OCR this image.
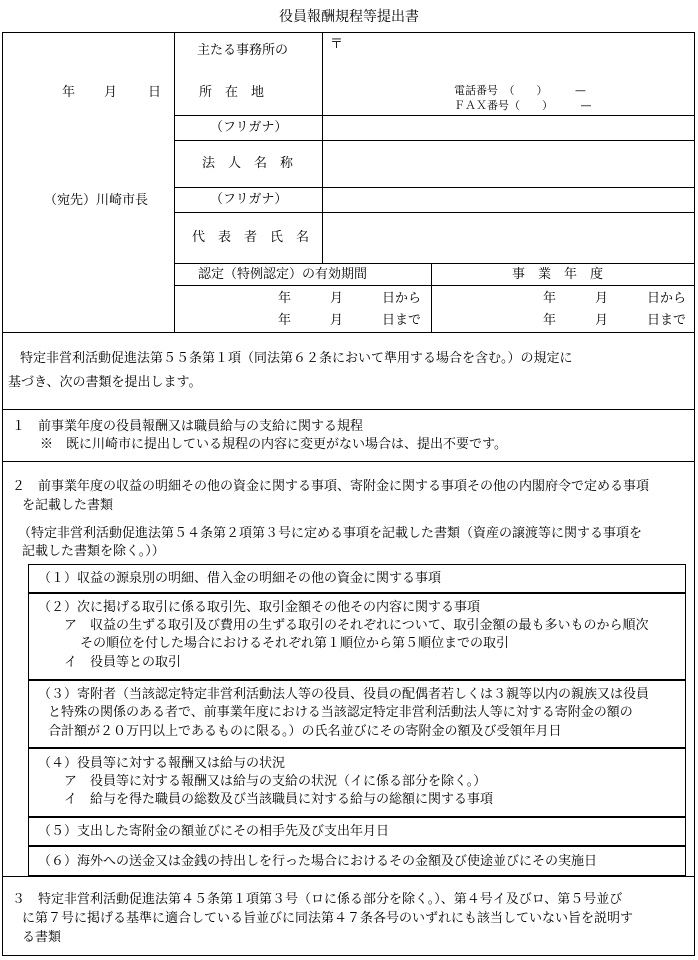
役員報酬規程等提出書
年 月 日
（宛先）川崎市長
主たる事務所の
所　在　地
〒
電話番号　（　　）　　　—
ＦＡＸ番号（　　）　　　—
（フリガナ）
法　人　名　称
（フリガナ）
代　表　者　氏　名
認定（特例認定）の有効期間	事　業　年　度
年　　　月　　　日から
年　　　月　　　日まで
年　　　月　　　日から
年　　　月　　　日まで
特定非営利活動促進法第５５条第１項（同法第６２条において準用する場合を含む。）の規定に
基づき、次の書類を提出します。
１　前事業年度の役員報酬又は職員給与の支給に関する規程
※　既に川崎市に提出している規程の内容に変更がない場合は、提出不要です。
２　前事業年度の収益の明細その他の資金に関する事項、寄附金に関する事項その他の内閣府令で定める事項
を記載した書類
（特定非営利活動促進法第５４条第２項第３号に定める事項を記載した書類（資産の譲渡等に関する事項を
記載した書類を除く。））
（１）収益の源泉別の明細、借入金の明細その他の資金に関する事項
（２）次に掲げる取引に係る取引先、取引金額その他その内容に関する事項
ア　収益の生ずる取引及び費用の生ずる取引のそれぞれについて、取引金額の最も多いものから順次
その順位を付した場合におけるそれぞれ第１順位から第５順位までの取引
イ　役員等との取引
（３）寄附者（当該認定特定非営利活動法人等の役員、役員の配偶者若しくは３親等以内の親族又は役員
と特殊の関係のある者で、前事業年度における当該認定特定非営利活動法人等に対する寄附金の額の
合計額が２０万円以上であるものに限る。）の氏名並びにその寄附金の額及び受領年月日
（４）役員等に対する報酬又は給与の状況
ア　役員等に対する報酬又は給与の支給の状況（イに係る部分を除く。）
イ　給与を得た職員の総数及び当該職員に対する給与の総額に関する事項
（５）支出した寄附金の額並びにその相手先及び支出年月日
（６）海外への送金又は金銭の持出しを行った場合におけるその金額及び使途並びにその実施日
３　特定非営利活動促進法第４５条第１項第３号（ロに係る部分を除く。）、第４号イ及びロ、第５号並び
に第７号に掲げる基準に適合している旨並びに同法第４７条各号のいずれにも該当していない旨を説明す
る書類
